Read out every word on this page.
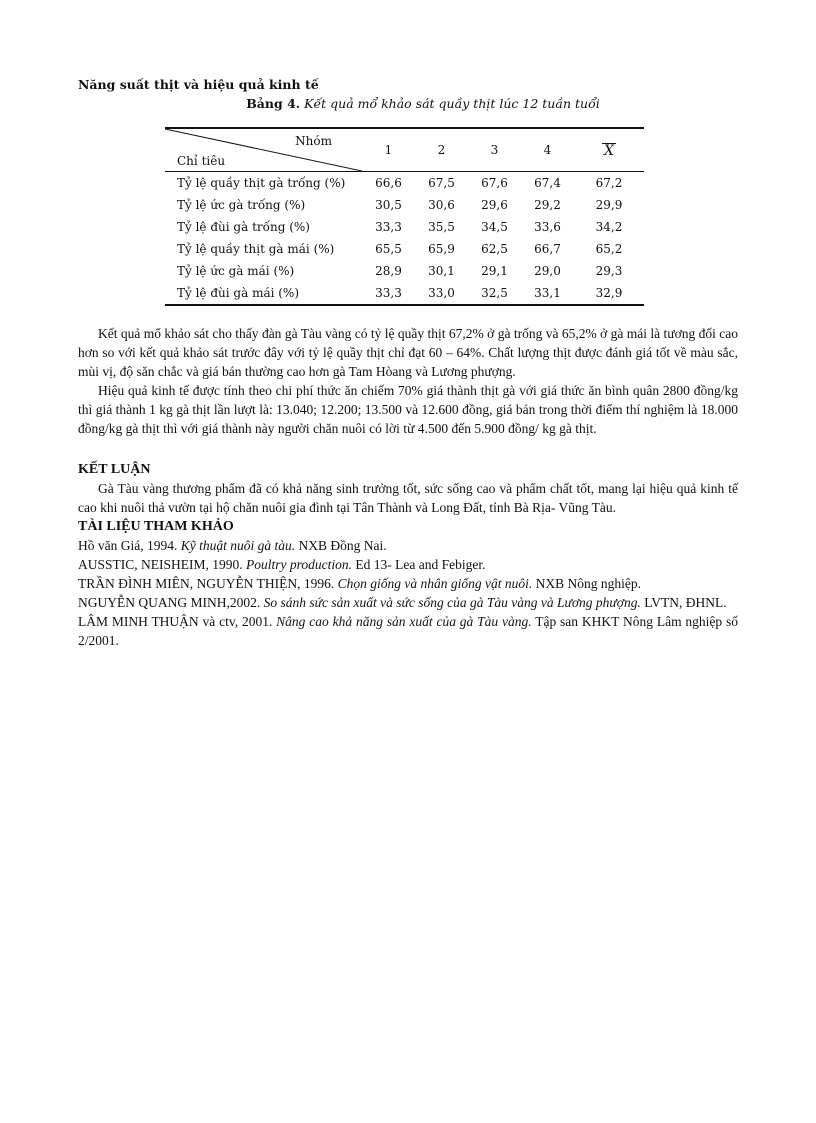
Năng suất thịt và hiệu quả kinh tế

Bảng 4. Kết quả mổ khảo sát quầy thịt lúc 12 tuần tuổi

Nhóm
Chỉ tiêu	1	2	3	4	X
Tỷ lệ quầy thịt gà trống (%)	66,6	67,5	67,6	67,4	67,2
Tỷ lệ ức gà trống (%)	30,5	30,6	29,6	29,2	29,9
Tỷ lệ đùi gà trống (%)	33,3	35,5	34,5	33,6	34,2
Tỷ lệ quầy thịt gà mái (%)	65,5	65,9	62,5	66,7	65,2
Tỷ lệ ức gà mái (%)	28,9	30,1	29,1	29,0	29,3
Tỷ lệ đùi gà mái (%)	33,3	33,0	32,5	33,1	32,9

Kết quả mổ khảo sát cho thấy đàn gà Tàu vàng có tỷ lệ quầy thịt 67,2% ở gà trống và 65,2% ở gà mái là tương đối cao hơn so với kết quả khảo sát trước đây với tỷ lệ quầy thịt chỉ đạt 60 – 64%. Chất lượng thịt được đánh giá tốt về màu sắc, mùi vị, độ săn chắc và giá bán thường cao hơn gà Tam Hòang và Lương phượng.

Hiệu quả kinh tế được tính theo chi phí thức ăn chiếm 70% giá thành thịt gà với giá thức ăn bình quân 2800 đồng/kg thì giá thành 1 kg gà thịt lần lượt là: 13.040; 12.200; 13.500 và 12.600 đồng, giá bán trong thời điểm thí nghiệm là 18.000 đồng/kg gà thịt thì với giá thành này người chăn nuôi có lời từ 4.500 đến 5.900 đồng/ kg gà thịt.

KẾT LUẬN

Gà Tàu vàng thương phẩm đã có khả năng sinh trưởng tốt, sức sống cao và phẩm chất tốt, mang lại hiệu quả kinh tế cao khi nuôi thả vườn tại hộ chăn nuôi gia đình tại Tân Thành và Long Đất, tỉnh Bà Rịa- Vũng Tàu.

TÀI LIỆU THAM KHẢO

Hồ văn Giá, 1994. Kỹ thuật nuôi gà tàu. NXB Đồng Nai.

AUSSTIC, NEISHEIM, 1990. Poultry production. Ed 13- Lea and Febiger.

TRẦN ĐÌNH MIÊN, NGUYỄN THIỆN, 1996. Chọn giống và nhân giống vật nuôi. NXB Nông nghiệp.

NGUYỄN QUANG MINH,2002. So sánh sức sản xuất và sức sống của gà Tàu vàng và Lương phượng. LVTN, ĐHNL.

LÂM MINH THUẬN và ctv, 2001. Nâng cao khả năng sản xuất của gà Tàu vàng. Tập san KHKT Nông Lâm nghiệp số 2/2001.
